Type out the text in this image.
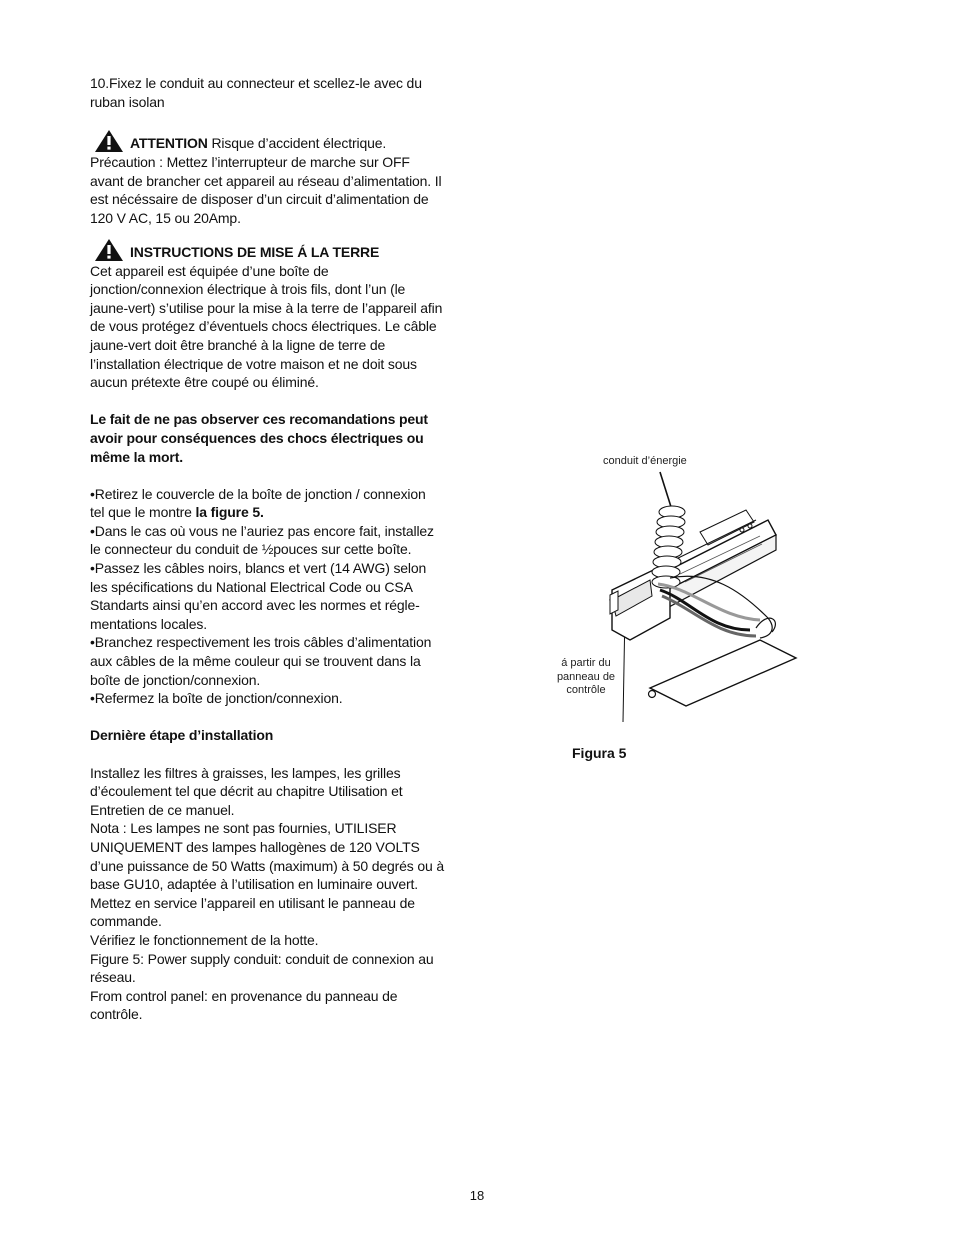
10.Fixez le conduit au connecteur et scellez-le avec du

ruban isolan

ATTENTION Risque d’accident électrique.

Précaution : Mettez l’interrupteur de marche sur OFF

avant de brancher cet appareil au réseau d’alimentation. Il

est nécéssaire de disposer d’un circuit d’alimentation de

120 V AC, 15 ou 20Amp.

INSTRUCTIONS DE MISE Á LA TERRE

Cet appareil est équipée d’une boîte de

jonction/connexion électrique à trois fils, dont l’un (le

jaune-vert) s’utilise pour la mise à la terre de l’appareil afin

de vous protégez d’éventuels chocs électriques. Le câble

jaune-vert doit être branché à la ligne de terre de

l’installation électrique de votre maison et ne doit sous

aucun prétexte être coupé ou éliminé.

Le fait de ne pas observer ces recomandations peut

avoir pour conséquences des chocs électriques ou

même la mort.

•Retirez le couvercle de la boîte de jonction / connexion

tel que le montre la figure 5.

•Dans le cas où vous ne l’auriez pas encore fait, installez

le connecteur du conduit de ½pouces sur cette boîte.

•Passez les câbles noirs, blancs et vert (14 AWG) selon

les spécifications du National Electrical Code ou CSA

Standarts ainsi qu’en accord avec les normes et régle-

mentations locales.

•Branchez respectivement les trois câbles d’alimentation

aux câbles de la même couleur qui se trouvent dans la

boîte de jonction/connexion.

•Refermez la boîte de jonction/connexion.

Dernière étape d’installation

Installez les filtres à graisses, les lampes, les grilles

d’écoulement tel que décrit au chapitre Utilisation et

Entretien de ce manuel.

Nota : Les lampes ne sont pas fournies, UTILISER

UNIQUEMENT des lampes hallogènes de 120 VOLTS

d’une puissance de 50 Watts (maximum) à 50 degrés ou à

base GU10, adaptée à l’utilisation en luminaire ouvert.

Mettez en service l’appareil en utilisant le panneau de

commande.

Vérifiez le fonctionnement de la hotte.

Figure 5: Power supply conduit: conduit de connexion au

réseau.

From control panel: en provenance du panneau de

contrôle.

conduit d’énergie
á partir du
panneau de
contrôle
Figura 5
18
